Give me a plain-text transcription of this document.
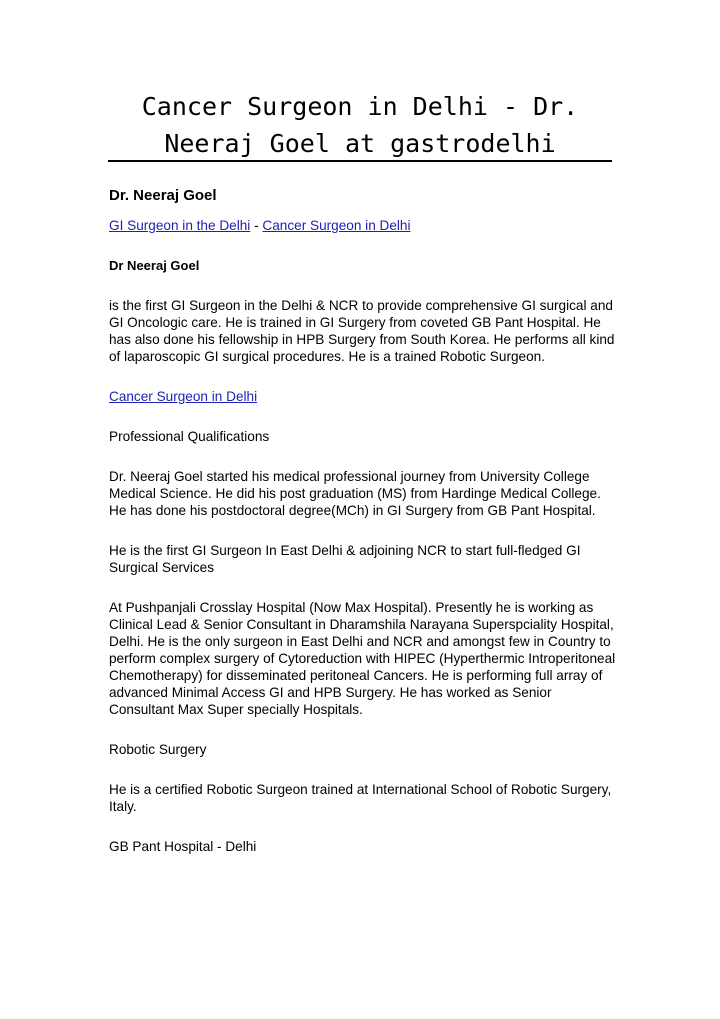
Cancer Surgeon in Delhi - Dr.
Neeraj Goel at gastrodelhi
Dr. Neeraj Goel
GI Surgeon in the Delhi - Cancer Surgeon in Delhi
Dr Neeraj Goel

is the first GI Surgeon in the Delhi & NCR to provide comprehensive GI surgical and GI Oncologic care. He is trained in GI Surgery from coveted GB Pant Hospital. He has also done his fellowship in HPB Surgery from South Korea. He performs all kind of laparoscopic GI surgical procedures. He is a trained Robotic Surgeon.

Cancer Surgeon in Delhi

Professional Qualifications

Dr. Neeraj Goel started his medical professional journey from University College Medical Science. He did his post graduation (MS) from Hardinge Medical College. He has done his postdoctoral degree(MCh) in GI Surgery from GB Pant Hospital.

He is the first GI Surgeon In East Delhi & adjoining NCR to start full-fledged GI Surgical Services

At Pushpanjali Crosslay Hospital (Now Max Hospital). Presently he is working as Clinical Lead & Senior Consultant in Dharamshila Narayana Superspciality Hospital, Delhi. He is the only surgeon in East Delhi and NCR and amongst few in Country to perform complex surgery of Cytoreduction with HIPEC (Hyperthermic Introperitoneal Chemotherapy) for disseminated peritoneal Cancers. He is performing full array of advanced Minimal Access GI and HPB Surgery. He has worked as Senior Consultant Max Super specially Hospitals.

Robotic Surgery

He is a certified Robotic Surgeon trained at International School of Robotic Surgery, Italy.

GB Pant Hospital - Delhi
